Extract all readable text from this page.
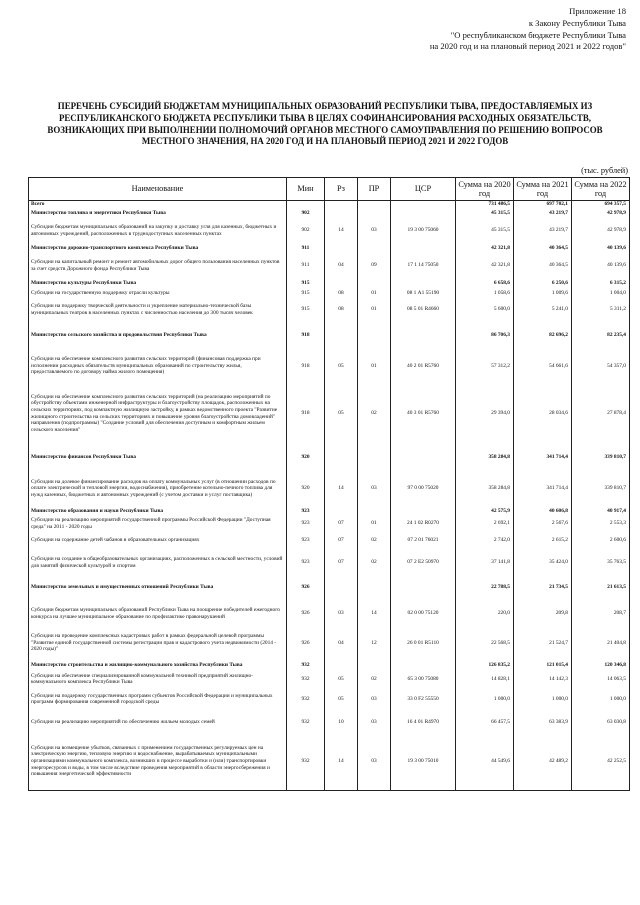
Приложение 18
к Закону Республики Тыва
"О республиканском бюджете Республики Тыва
на 2020 год и на плановый период 2021 и 2022 годов"
ПЕРЕЧЕНЬ СУБСИДИЙ БЮДЖЕТАМ МУНИЦИПАЛЬНЫХ ОБРАЗОВАНИЙ РЕСПУБЛИКИ ТЫВА, ПРЕДОСТАВЛЯЕМЫХ ИЗ РЕСПУБЛИКАНСКОГО БЮДЖЕТА РЕСПУБЛИКИ ТЫВА В ЦЕЛЯХ СОФИНАНСИРОВАНИЯ РАСХОДНЫХ ОБЯЗАТЕЛЬСТВ, ВОЗНИКАЮЩИХ ПРИ ВЫПОЛНЕНИИ ПОЛНОМОЧИЙ ОРГАНОВ МЕСТНОГО САМОУПРАВЛЕНИЯ ПО РЕШЕНИЮ ВОПРОСОВ МЕСТНОГО ЗНАЧЕНИЯ, НА 2020 ГОД И НА ПЛАНОВЫЙ ПЕРИОД 2021 И 2022 ГОДОВ
(тыс. рублей)
Наименование	Мин	Рз	ПР	ЦСР	Сумма на 2020 год	Сумма на 2021 год	Сумма на 2022 год
Всего					731 486,5	697 702,1	694 357,5
Министерство топлива и энергетики Республики Тыва	902				45 315,5	43 219,7	42 978,9
Субсидии бюджетам муниципальных образований на закупку и доставку угля для казенных, бюджетных и автономных учреждений, расположенных в труднодоступных населенных пунктах	902	14	03	19 3 00 75060	45 315,5	43 219,7	42 978,9
Министерство дорожно-транспортного комплекса Республики Тыва	911				42 321,8	40 364,5	40 139,6
Субсидии на капитальный ремонт и ремонт автомобильных дорог общего пользования населенных пунктов за счет средств Дорожного фонда Республики Тыва	911	04	09	17 1 14 75050	42 321,8	40 364,5	40 139,6
Министерство культуры Республики Тыва	915				6 658,6	6 250,6	6 315,2
Субсидии на государственную поддержку отрасли культуры	915	08	01	08 1 А1 55190	1 058,6	1 009,6	1 004,0
Субсидии на поддержку творческой деятельности и укрепление материально-технической базы муниципальных театров в населенных пунктах с численностью населения до 300 тысяч человек	915	08	01	08 5 01 R4660	5 600,0	5 241,0	5 311,2
Министерство сельского хозяйства и продовольствия Республики Тыва	918				86 706,3	82 696,2	82 235,4
Субсидии на обеспечение комплексного развития сельских территорий (финансовая поддержка при исполнении расходных обязательств муниципальных образований по строительству жилья, предоставляемого по договору найма жилого помещения)	918	05	01	40 2 01 R5760	57 312,2	54 661,6	54 357,0
Субсидии на обеспечение комплексного развития сельских территорий (на реализацию мероприятий по обустройству объектами инженерной инфраструктуры и благоустройству площадок, расположенных на сельских территориях, под компактную жилищную застройку, в рамках ведомственного проекта "Развитие жилищного строительства на сельских территориях и повышение уровня благоустройства домовладений" направления (подпрограммы) "Создание условий для обеспечения доступным и комфортным жильем сельского населения"	918	05	02	40 3 01 R5760	29 394,0	28 034,6	27 878,4
Министерство финансов Республики Тыва	920				358 284,8	341 714,4	339 810,7
Субсидии на долевое финансирование расходов на оплату коммунальных услуг (в отношении расходов по оплате электрической и тепловой энергии, водоснабжения), приобретение котельно-печного топлива для нужд казенных, бюджетных и автономных учреждений (с учетом доставки и услуг поставщика)	920	14	03	97 0 00 75020	358 284,8	341 714,4	339 810,7
Министерство образования и науки Республики Тыва	923				42 575,9	40 606,8	40 917,4
Субсидии на реализацию мероприятий государственной программы Российской Федерации "Доступная среда" на 2011 - 2020 годы	923	07	01	24 1 02 R0270	2 692,1	2 567,6	2 553,3
Субсидии на содержание детей чабанов в образовательных организациях	923	07	02	07 2 01 76021	2 742,0	2 615,2	2 600,6
Субсидии на создание в общеобразовательных организациях, расположенных в сельской местности, условий для занятий физической культурой и спортом	923	07	02	07 2 Е2 50970	37 141,8	35 424,0	35 763,5
Министерство земельных и имущественных отношений Республики Тыва	926				22 788,5	21 734,5	21 613,5
Субсидии бюджетам муниципальных образований Республики Тыва на поощрение победителей ежегодного конкурса на лучшее муниципальное образование по профилактике правонарушений	926	03	14	02 0 00 75120	220,0	209,8	208,7
Субсидии на проведение комплексных кадастровых работ в рамках федеральной целевой программы "Развитие единой государственной системы регистрации прав и кадастрового учета недвижимости (2014 - 2020 годы)"	926	04	12	26 0 01 R5110	22 568,5	21 524,7	21 404,8
Министерство строительства и жилищно-коммунального хозяйства Республики Тыва	932				126 835,2	121 015,4	120 346,8
Субсидии на обеспечение специализированной коммунальной техникой предприятий жилищно-коммунального комплекса Республики Тыва	932	05	02	65 3 00 75080	14 828,1	14 142,3	14 063,5
Субсидии на поддержку государственных программ субъектов Российской Федерации и муниципальных программ формирования современной городской среды	932	05	03	33 0 F2 55550	1 000,0	1 000,0	1 000,0
Субсидии на реализацию мероприятий по обеспечению жильем молодых семей	932	10	03	16 4 01 R4970	66 457,5	63 383,9	63 030,8
Субсидии на возмещение убытков, связанных с применением государственных регулируемых цен на электрическую энергию, тепловую энергию и водоснабжение, вырабатываемых муниципальными организациями коммунального комплекса, возникших в процессе выработки и (или) транспортировки энергоресурсов и воды, в том числе вследствие проведения мероприятий в области энергосбережения и повышения энергетической эффективности	932	14	03	19 3 00 75010	44 549,6	42 489,2	42 252,5
